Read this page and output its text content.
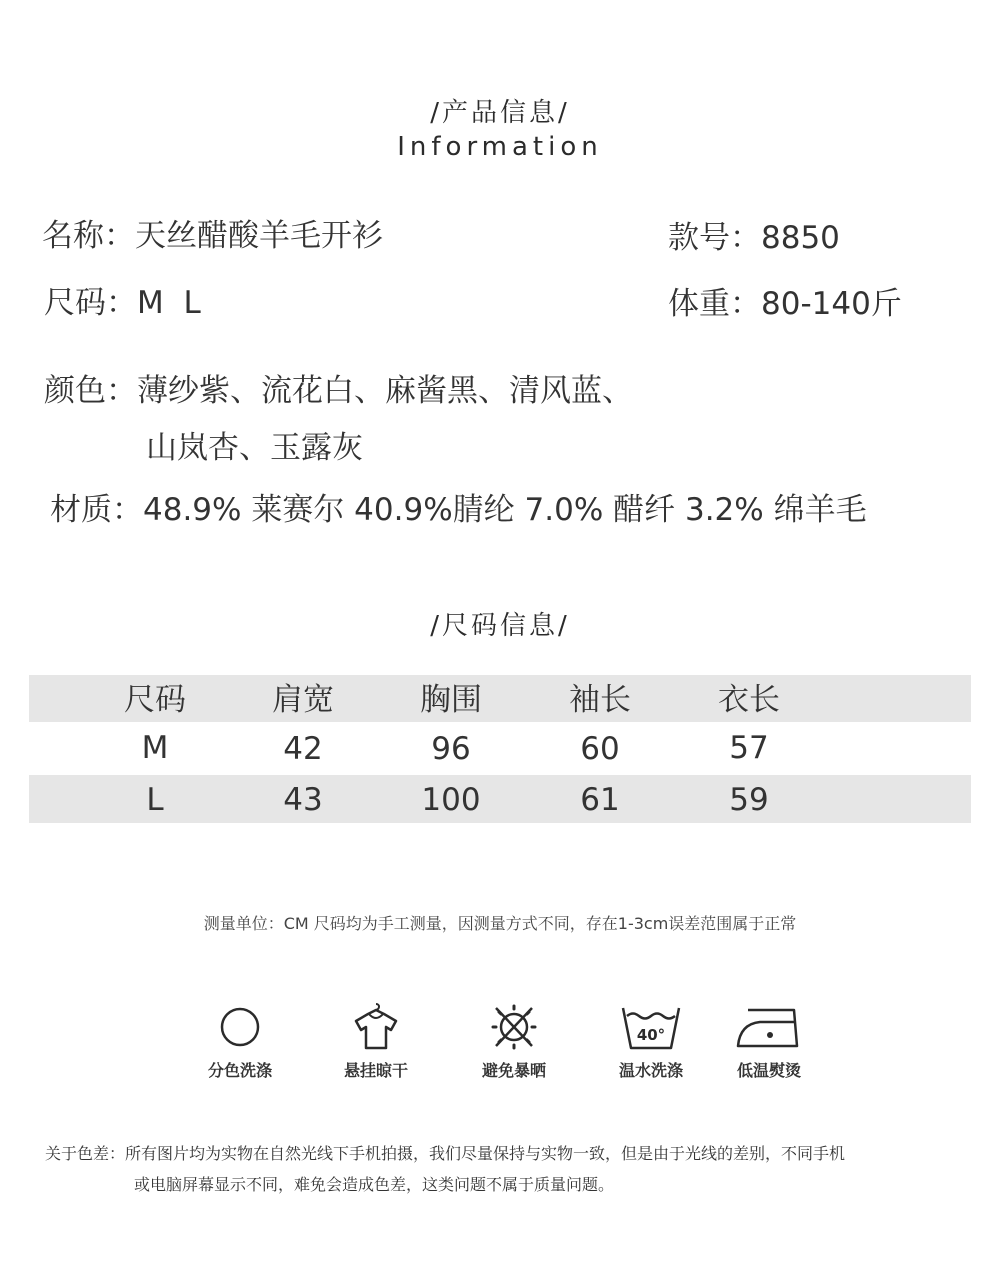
/产品信息/
Information
名称：天丝醋酸羊毛开衫	款号：8850
尺码：M  L	体重：80-140斤
颜色：薄纱紫、流花白、麻酱黑、清风蓝、
山岚杏、玉露灰
材质：48.9% 莱赛尔 40.9%腈纶 7.0% 醋纤 3.2% 绵羊毛
/尺码信息/
尺码	肩宽	胸围	袖长	衣长
M	42	96	60	57
L	43	100	61	59
测量单位：CM 尺码均为手工测量，因测量方式不同，存在1-3cm误差范围属于正常
分色洗涤	悬挂晾干	避免暴晒
40°
温水洗涤	低温熨烫
关于色差：所有图片均为实物在自然光线下手机拍摄，我们尽量保持与实物一致，但是由于光线的差别，不同手机
或电脑屏幕显示不同，难免会造成色差，这类问题不属于质量问题。
